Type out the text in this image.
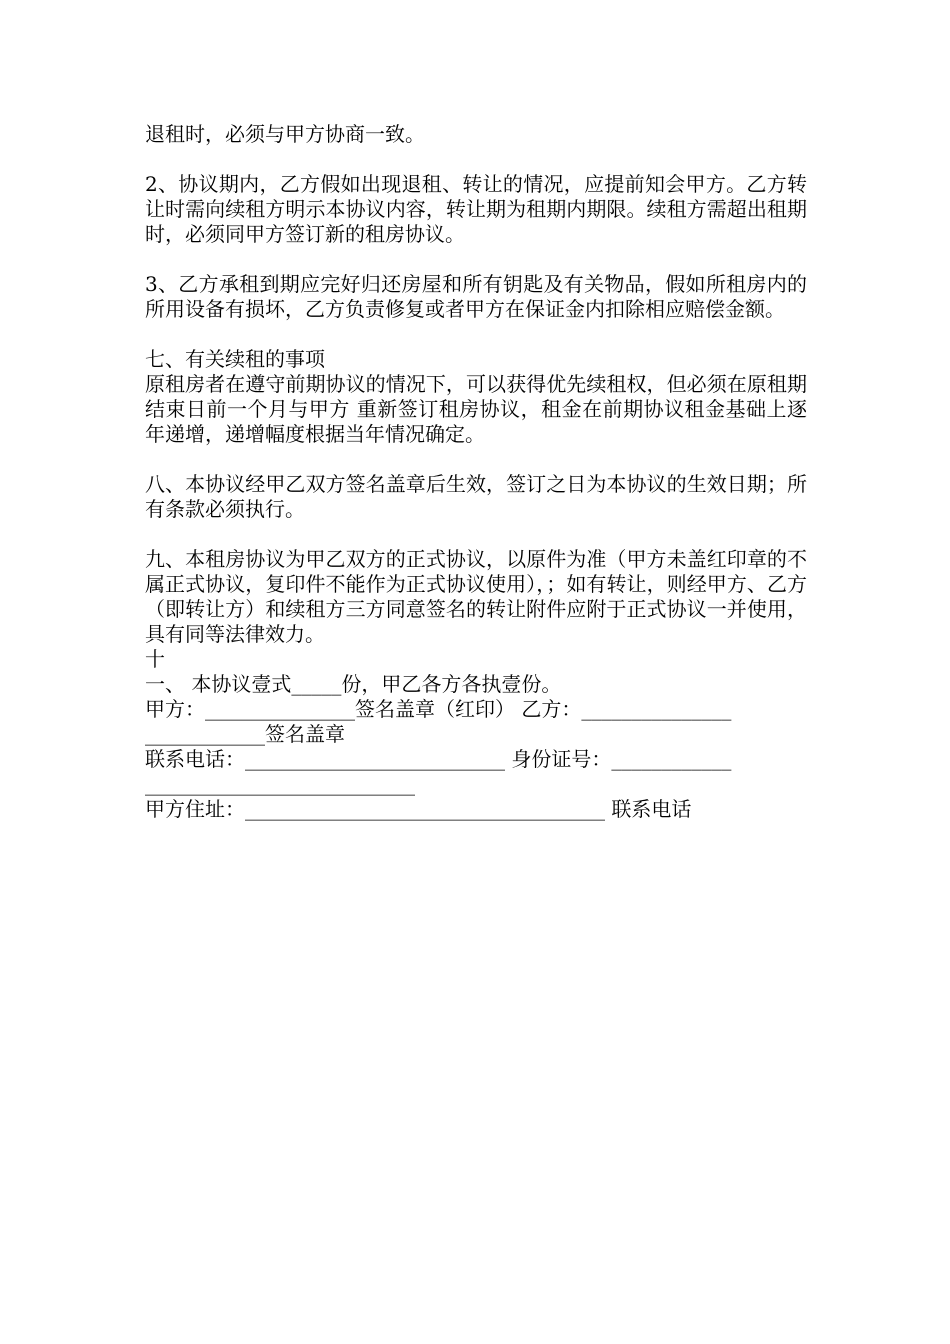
退租时，必须与甲方协商一致。

2、协议期内，乙方假如出现退租、转让的情况，应提前知会甲方。乙方转让时需向续租方明示本协议内容，转让期为租期内期限。续租方需超出租期时，必须同甲方签订新的租房协议。

3、乙方承租到期应完好归还房屋和所有钥匙及有关物品，假如所租房内的所用设备有损坏，乙方负责修复或者甲方在保证金内扣除相应赔偿金额。

七、有关续租的事项
原租房者在遵守前期协议的情况下，可以获得优先续租权，但必须在原租期结束日前一个月与甲方 重新签订租房协议，租金在前期协议租金基础上逐年递增，递增幅度根据当年情况确定。

八、本协议经甲乙双方签名盖章后生效，签订之日为本协议的生效日期；所有条款必须执行。

九、本租房协议为甲乙双方的正式协议，以原件为准（甲方未盖红印章的不属正式协议，复印件不能作为正式协议使用），；如有转让，则经甲方、乙方（即转让方）和续租方三方同意签名的转让附件应附于正式协议一并使用，具有同等法律效力。
十
一、 本协议壹式_____份，甲乙各方各执壹份。
甲方：_______________签名盖章（红印） 乙方：_______________
____________签名盖章
联系电话：__________________________ 身份证号：____________
___________________________
甲方住址：____________________________________ 联系电话
